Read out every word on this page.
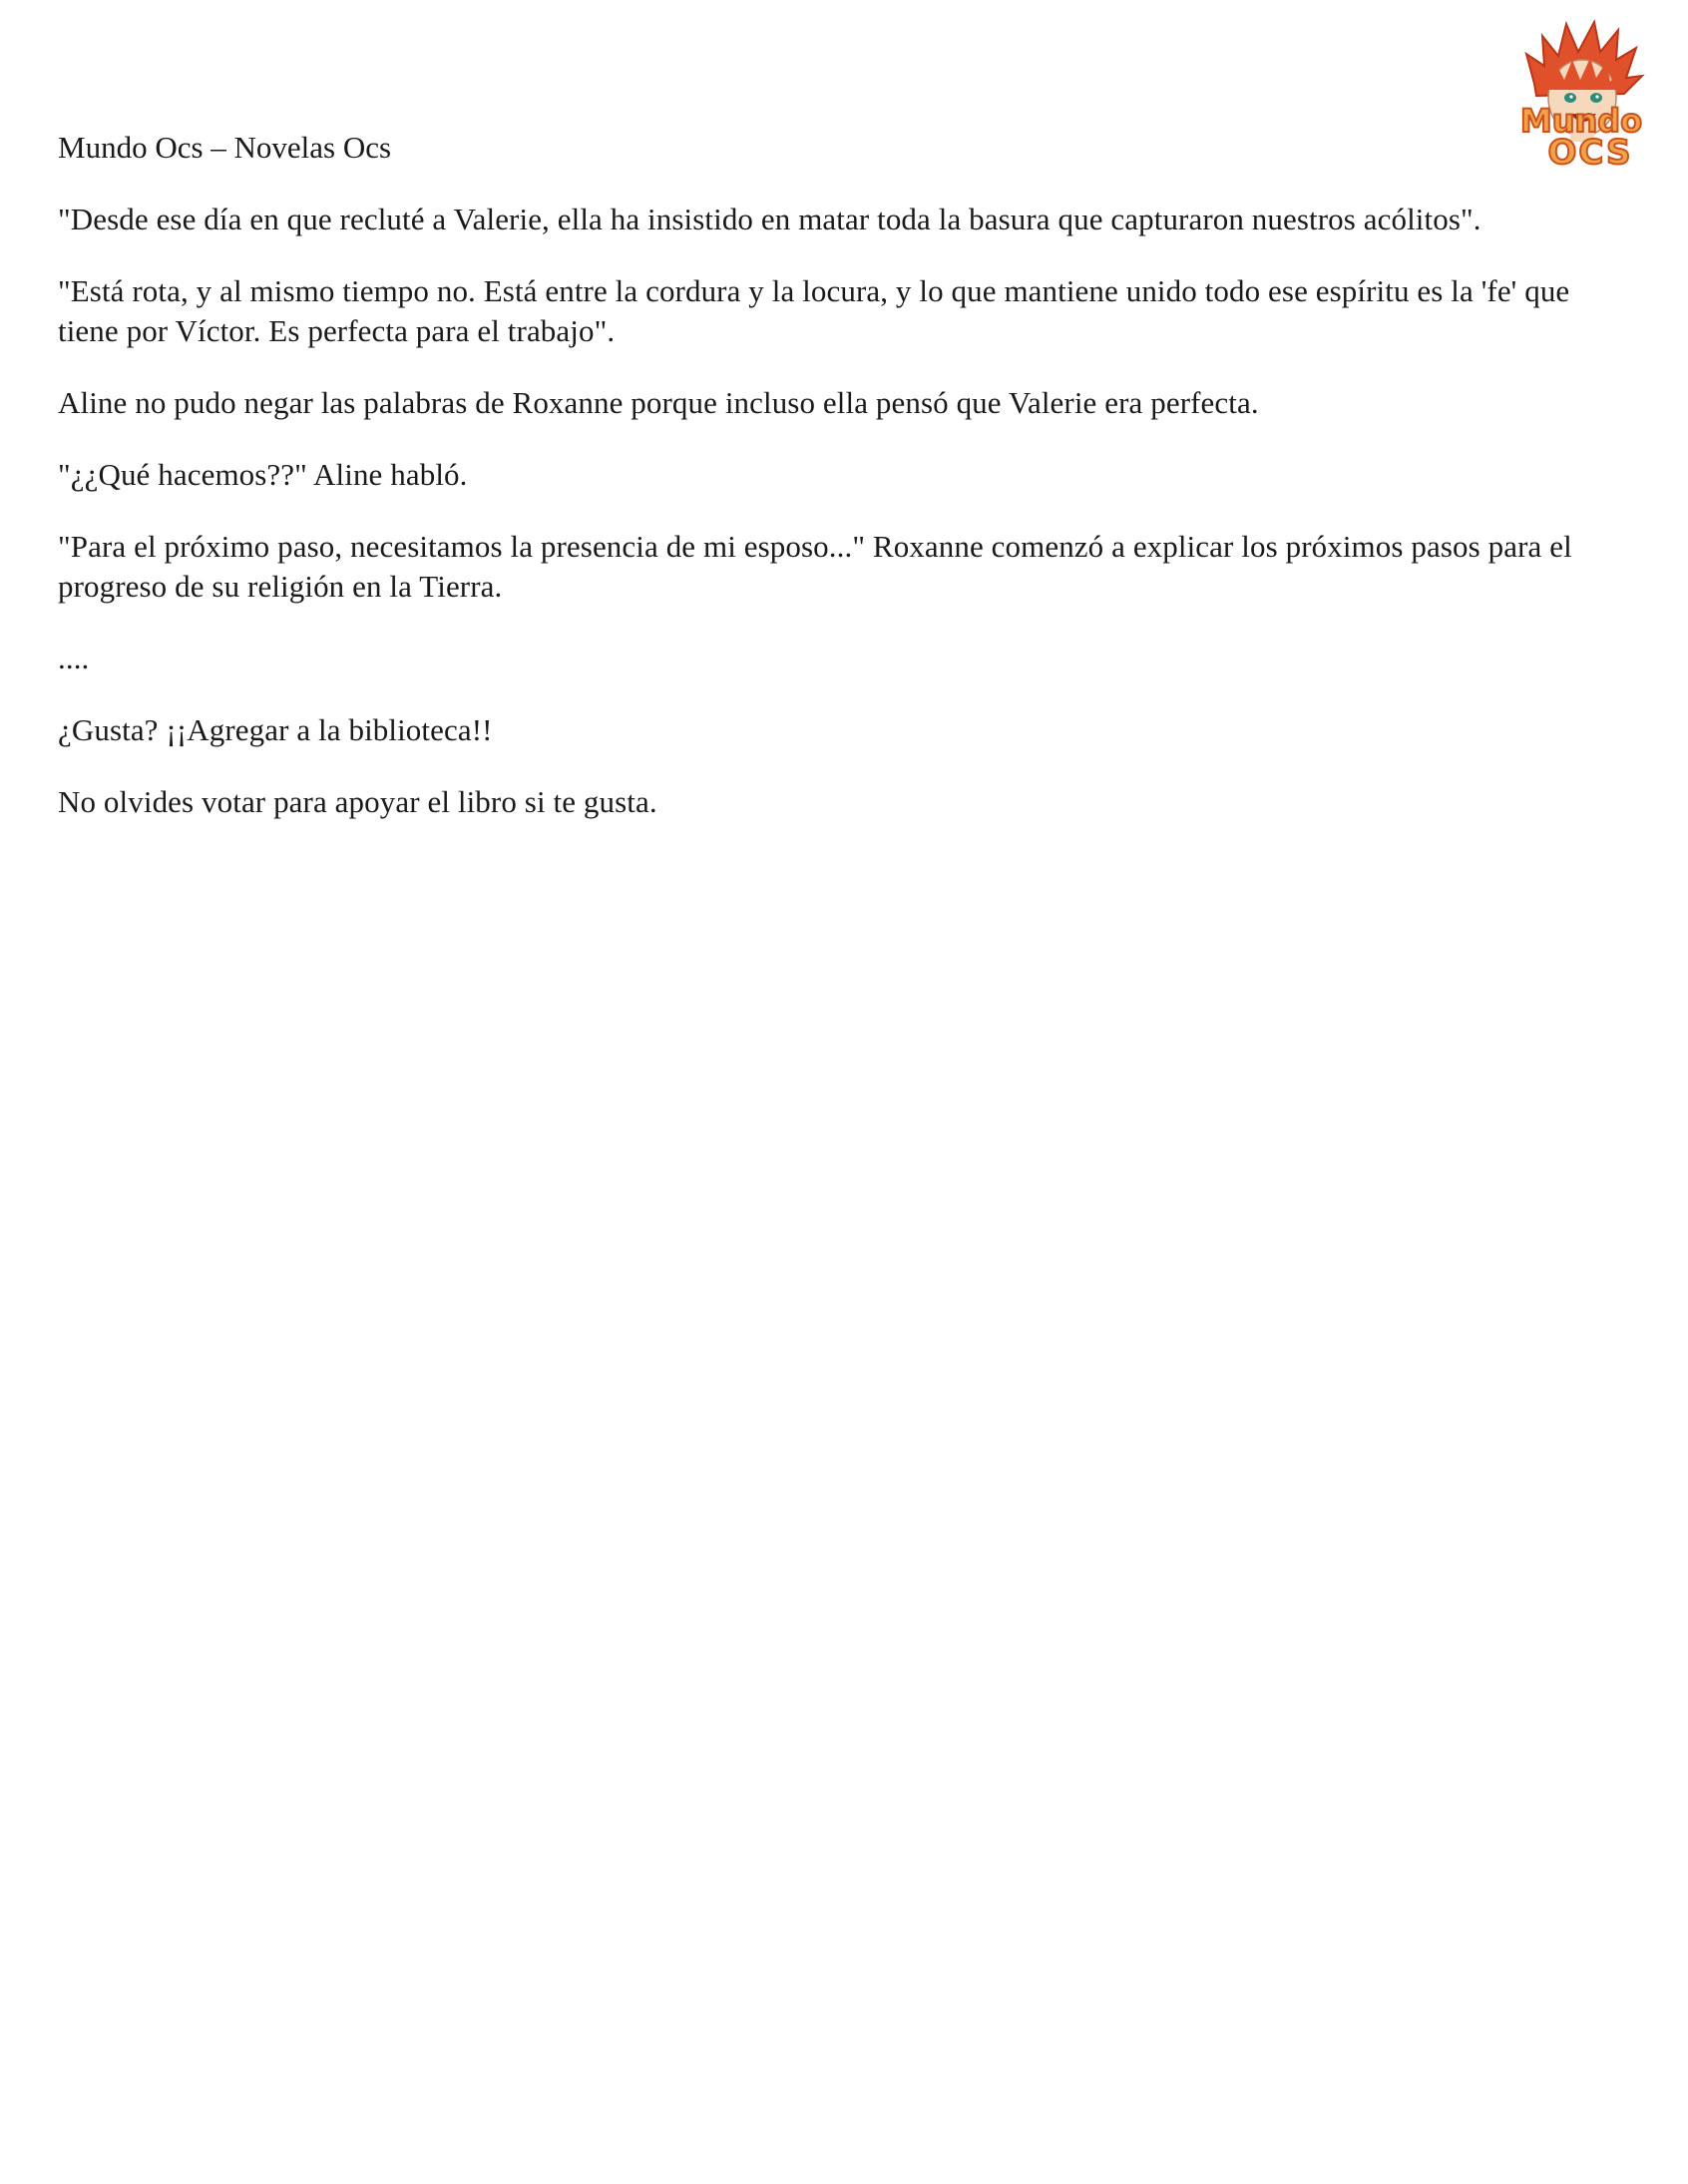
Mundo
OCS

Mundo Ocs – Novelas Ocs

"Desde ese día en que recluté a Valerie, ella ha insistido en matar toda la basura que capturaron nuestros acólitos".

"Está rota, y al mismo tiempo no. Está entre la cordura y la locura, y lo que mantiene unido todo ese espíritu es la 'fe' que tiene por Víctor. Es perfecta para el trabajo".

Aline no pudo negar las palabras de Roxanne porque incluso ella pensó que Valerie era perfecta.

"¿¿Qué hacemos??" Aline habló.

"Para el próximo paso, necesitamos la presencia de mi esposo..." Roxanne comenzó a explicar los próximos pasos para el progreso de su religión en la Tierra.

....

¿Gusta? ¡¡Agregar a la biblioteca!!

No olvides votar para apoyar el libro si te gusta.
